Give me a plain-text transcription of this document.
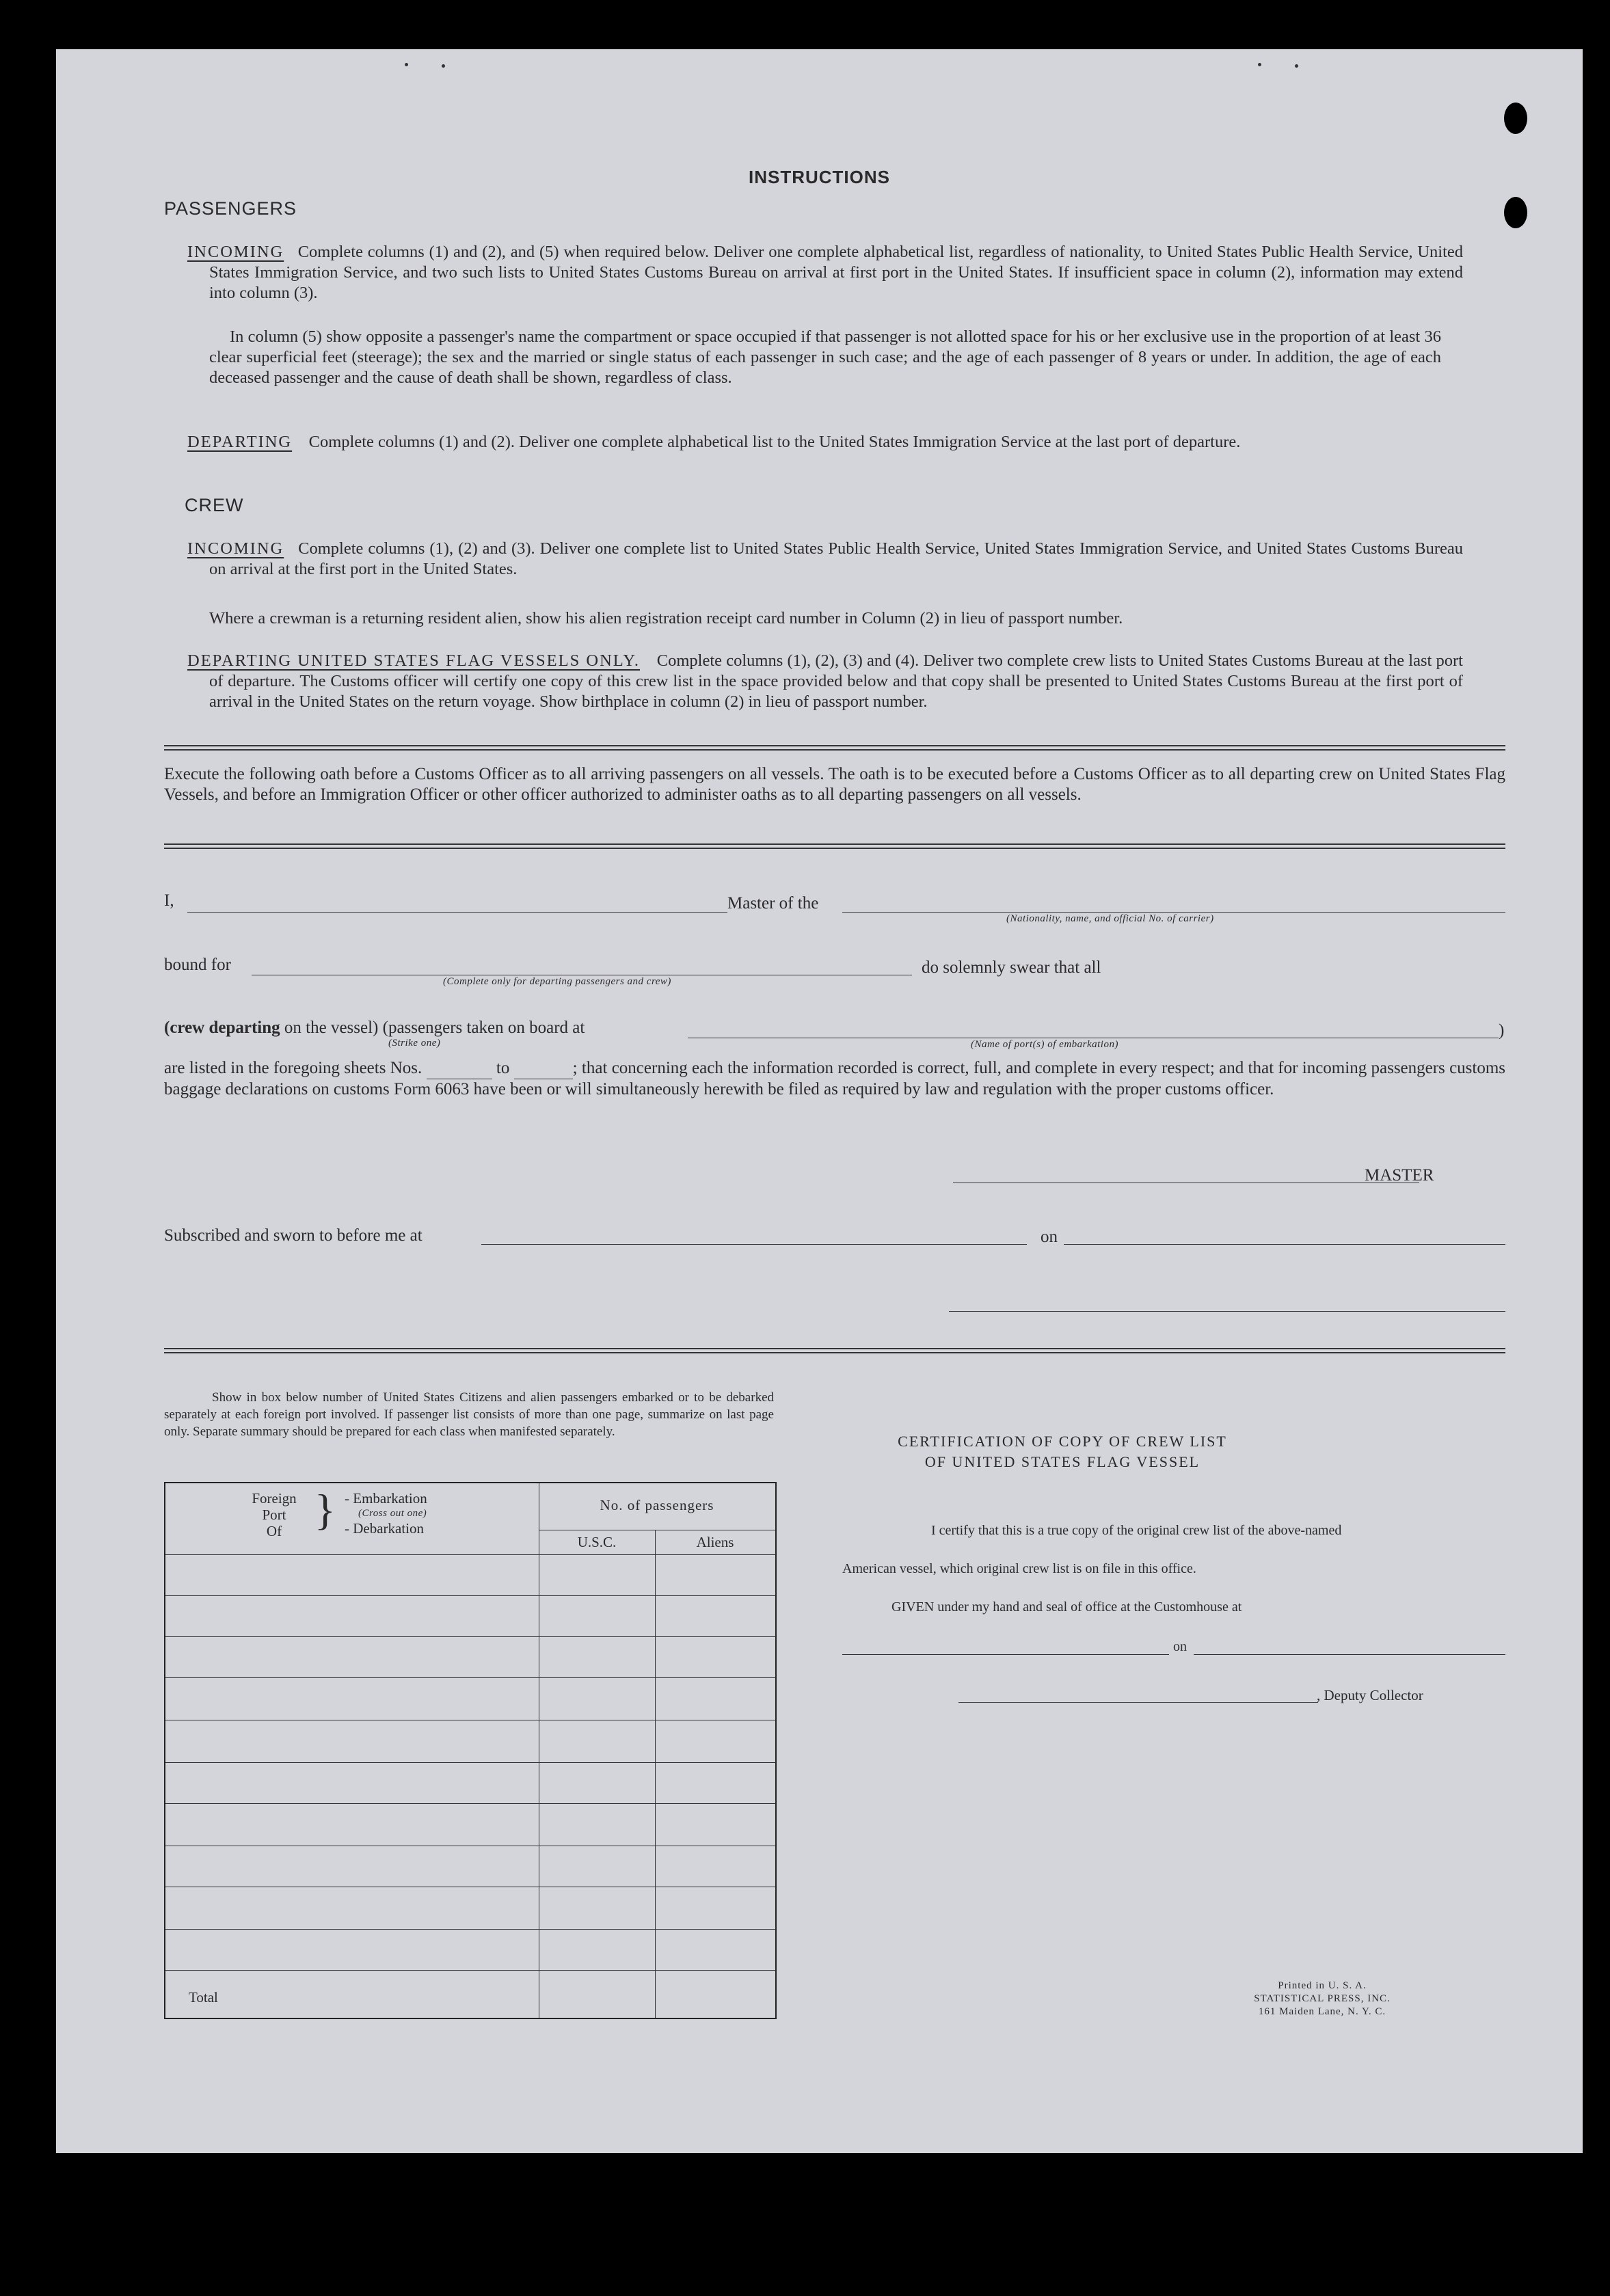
INSTRUCTIONS
PASSENGERS
INCOMING Complete columns (1) and (2), and (5) when required below. Deliver one complete alphabetical list, regardless of nationality, to United States Public Health Service, United States Immigration Service, and two such lists to United States Customs Bureau on arrival at first port in the United States. If insufficient space in column (2), information may extend into column (3).
In column (5) show opposite a passenger's name the compartment or space occupied if that passenger is not allotted space for his or her exclusive use in the proportion of at least 36 clear superficial feet (steerage); the sex and the married or single status of each passenger in such case; and the age of each passenger of 8 years or under. In addition, the age of each deceased passenger and the cause of death shall be shown, regardless of class.
DEPARTING Complete columns (1) and (2). Deliver one complete alphabetical list to the United States Immigration Service at the last port of departure.
CREW
INCOMING Complete columns (1), (2) and (3). Deliver one complete list to United States Public Health Service, United States Immigration Service, and United States Customs Bureau on arrival at the first port in the United States.
Where a crewman is a returning resident alien, show his alien registration receipt card number in Column (2) in lieu of passport number.
DEPARTING UNITED STATES FLAG VESSELS ONLY. Complete columns (1), (2), (3) and (4). Deliver two complete crew lists to United States Customs Bureau at the last port of departure. The Customs officer will certify one copy of this crew list in the space provided below and that copy shall be presented to United States Customs Bureau at the first port of arrival in the United States on the return voyage. Show birthplace in column (2) in lieu of passport number.
Execute the following oath before a Customs Officer as to all arriving passengers on all vessels. The oath is to be executed before a Customs Officer as to all departing crew on United States Flag Vessels, and before an Immigration Officer or other officer authorized to administer oaths as to all departing passengers on all vessels.
I,	Master of the
(Nationality, name, and official No. of carrier)
bound for
(Complete only for departing passengers and crew)
do solemnly swear that all
(crew departing on the vessel) (passengers taken on board at
(Strike one)
)
(Name of port(s) of embarkation)
are listed in the foregoing sheets Nos.	to	; that concerning each the information recorded is correct, full, and complete in every respect; and that for incoming passengers customs baggage declarations on customs Form 6063 have been or will simultaneously herewith be filed as required by law and regulation with the proper customs officer.
MASTER
Subscribed and sworn to before me at	on
Show in box below number of United States Citizens and alien passengers embarked or to be debarked separately at each foreign port involved. If passenger list consists of more than one page, summarize on last page only. Separate summary should be prepared for each class when manifested separately.
Foreign
Port
Of } - Embarkation
(Cross out one)
- Debarkation
No. of passengers
U.S.C.	Aliens
Total
CERTIFICATION OF COPY OF CREW LIST
OF UNITED STATES FLAG VESSEL
I certify that this is a true copy of the original crew list of the above-named
American vessel, which original crew list is on file in this office.
GIVEN under my hand and seal of office at the Customhouse at
on
, Deputy Collector
Printed in U. S. A.
STATISTICAL PRESS, INC.
161 Maiden Lane, N. Y. C.
